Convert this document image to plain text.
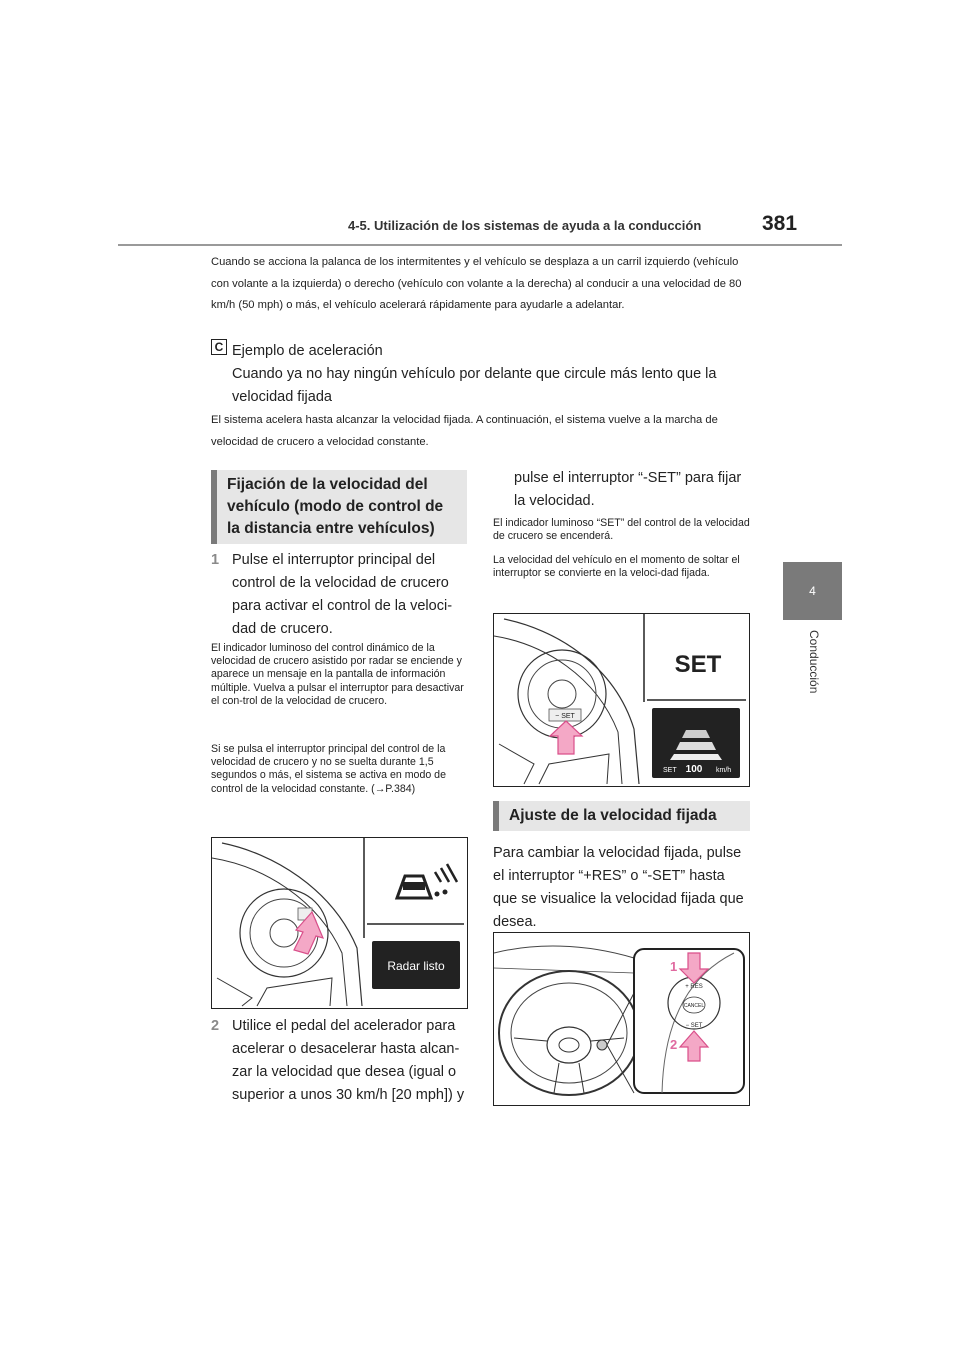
4-5. Utilización de los sistemas de ayuda a la conducción	381
4
Conducción
Cuando se acciona la palanca de los intermitentes y el vehículo se desplaza a un carril izquierdo (vehículo con volante a la izquierda) o derecho (vehículo con volante a la derecha) al conducir a una velocidad de 80 km/h (50 mph) o más, el vehículo acelerará rápidamente para ayudarle a adelantar.
C Ejemplo de aceleración
Cuando ya no hay ningún vehículo por delante que circule más lento que la velocidad fijada
El sistema acelera hasta alcanzar la velocidad fijada. A continuación, el sistema vuelve a la marcha de velocidad de crucero a velocidad constante.
Fijación de la velocidad del vehículo (modo de control de la distancia entre vehículos)
1 Pulse el interruptor principal del control de la velocidad de crucero para activar el control de la veloci-dad de crucero.
El indicador luminoso del control dinámico de la velocidad de crucero asistido por radar se enciende y aparece un mensaje en la pantalla de información múltiple. Vuelva a pulsar el interruptor para desactivar el con-trol de la velocidad de crucero.
Si se pulsa el interruptor principal del control de la velocidad de crucero y no se suelta durante 1,5 segundos o más, el sistema se activa en modo de control de la velocidad constante. (→P.384)
Radar listo
2 Utilice el pedal del acelerador para acelerar o desacelerar hasta alcan-zar la velocidad que desea (igual o superior a unos 30 km/h [20 mph]) y
pulse el interruptor “-SET” para fijar la velocidad.
El indicador luminoso “SET” del control de la velocidad de crucero se encenderá.
La velocidad del vehículo en el momento de soltar el interruptor se convierte en la veloci-dad fijada.
− SET
SET
SET 100 km/h
Ajuste de la velocidad fijada
Para cambiar la velocidad fijada, pulse el interruptor “+RES” o “-SET” hasta que se visualice la velocidad fijada que desea.
+ RES
CANCEL
− SET
1
2
